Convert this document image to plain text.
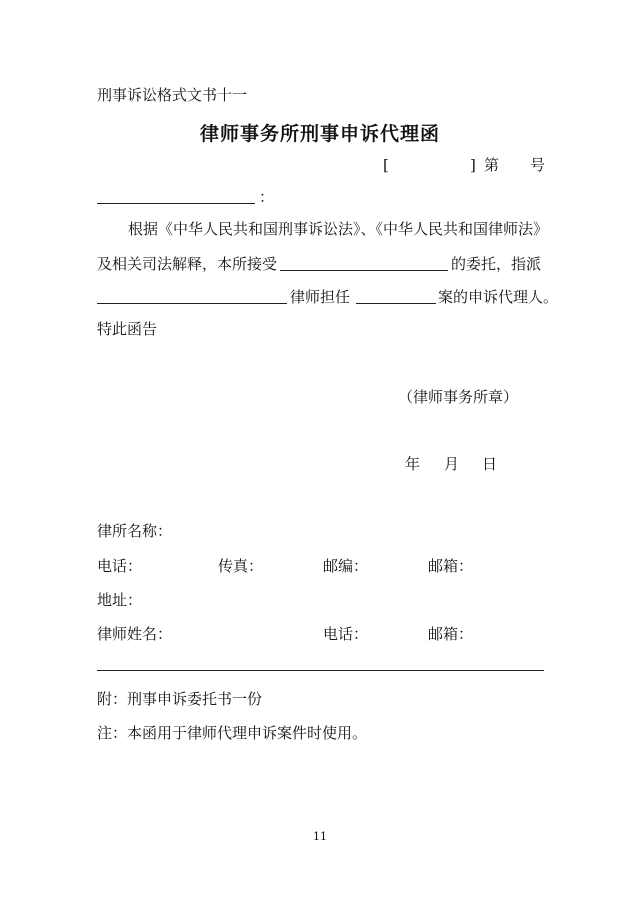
刑事诉讼格式文书十一
律师事务所刑事申诉代理函
[	] 第 号
：
根据《中华人民共和国刑事诉讼法》、《中华人民共和国律师法》
及相关司法解释，本所接受	的委托，指派
律师担任	案的申诉代理人。
特此函告
（律师事务所章）
年 月 日
律所名称：
电话：	传真：	邮编：	邮箱：
地址：
律师姓名：	电话：	邮箱：
附：刑事申诉委托书一份
注：本函用于律师代理申诉案件时使用。
11
